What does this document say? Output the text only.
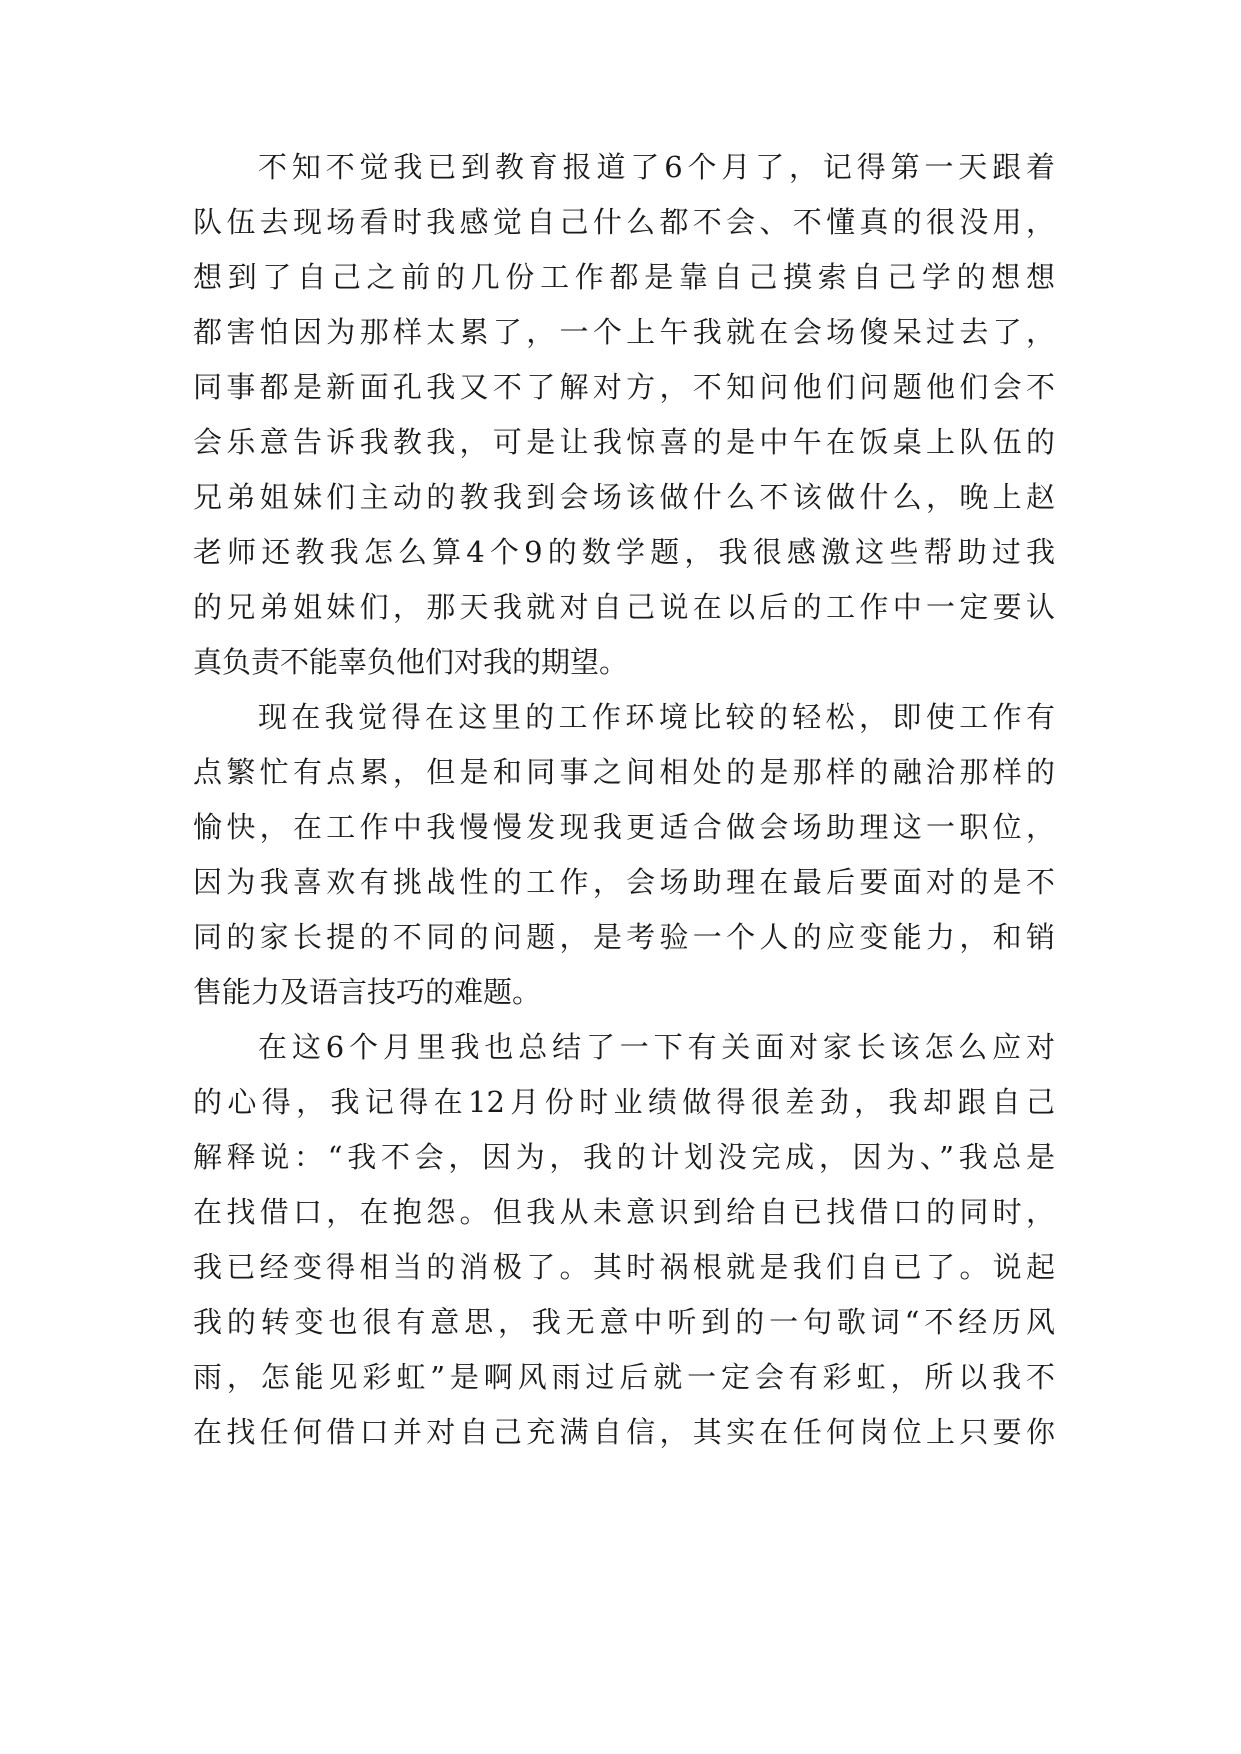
不知不觉我已到教育报道了6个月了，记得第一天跟着
队伍去现场看时我感觉自己什么都不会、不懂真的很没用，
想到了自己之前的几份工作都是靠自己摸索自己学的想想
都害怕因为那样太累了，一个上午我就在会场傻呆过去了，
同事都是新面孔我又不了解对方，不知问他们问题他们会不
会乐意告诉我教我，可是让我惊喜的是中午在饭桌上队伍的
兄弟姐妹们主动的教我到会场该做什么不该做什么，晚上赵
老师还教我怎么算4个9的数学题，我很感激这些帮助过我
的兄弟姐妹们，那天我就对自己说在以后的工作中一定要认
真负责不能辜负他们对我的期望。
现在我觉得在这里的工作环境比较的轻松，即使工作有
点繁忙有点累，但是和同事之间相处的是那样的融洽那样的
愉快，在工作中我慢慢发现我更适合做会场助理这一职位，
因为我喜欢有挑战性的工作，会场助理在最后要面对的是不
同的家长提的不同的问题，是考验一个人的应变能力，和销
售能力及语言技巧的难题。
在这6个月里我也总结了一下有关面对家长该怎么应对
的心得，我记得在12月份时业绩做得很差劲，我却跟自己
解释说：“我不会，因为，我的计划没完成，因为、”我总是
在找借口，在抱怨。但我从未意识到给自已找借口的同时，
我已经变得相当的消极了。其时祸根就是我们自已了。说起
我的转变也很有意思，我无意中听到的一句歌词“不经历风
雨，怎能见彩虹”是啊风雨过后就一定会有彩虹，所以我不
在找任何借口并对自己充满自信，其实在任何岗位上只要你
